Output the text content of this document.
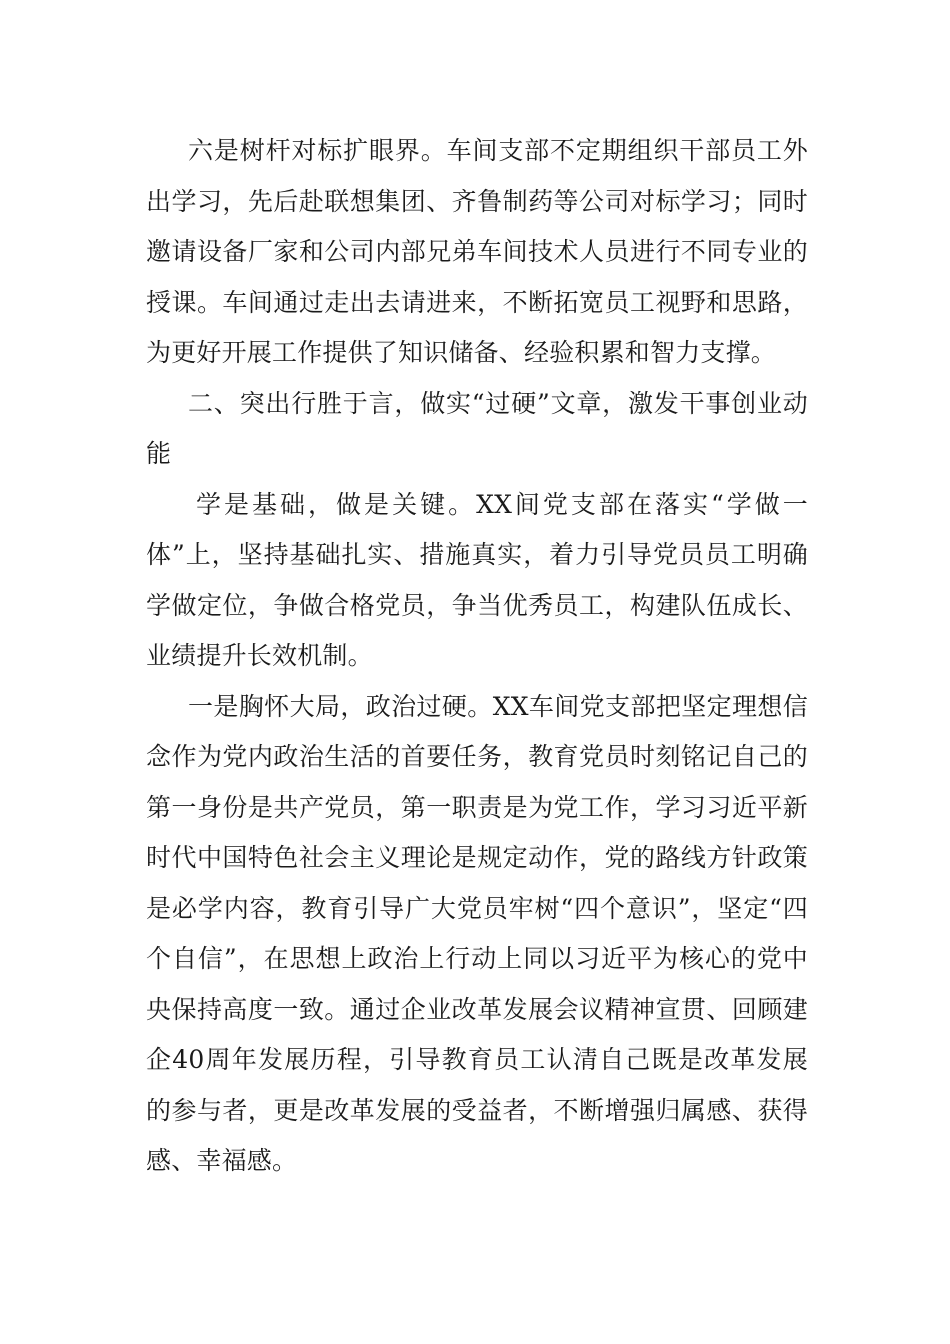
六是树杆对标扩眼界。车间支部不定期组织干部员工外出学习，先后赴联想集团、齐鲁制药等公司对标学习；同时邀请设备厂家和公司内部兄弟车间技术人员进行不同专业的授课。车间通过走出去请进来，不断拓宽员工视野和思路，为更好开展工作提供了知识储备、经验积累和智力支撑。

二、突出行胜于言，做实“过硬”文章，激发干事创业动能

学是基础，做是关键。XX间党支部在落实“学做一体”上，坚持基础扎实、措施真实，着力引导党员员工明确学做定位，争做合格党员，争当优秀员工，构建队伍成长、业绩提升长效机制。

一是胸怀大局，政治过硬。XX车间党支部把坚定理想信念作为党内政治生活的首要任务，教育党员时刻铭记自己的第一身份是共产党员，第一职责是为党工作，学习习近平新时代中国特色社会主义理论是规定动作，党的路线方针政策是必学内容，教育引导广大党员牢树“四个意识”，坚定“四个自信”，在思想上政治上行动上同以习近平为核心的党中央保持高度一致。通过企业改革发展会议精神宣贯、回顾建企40周年发展历程，引导教育员工认清自己既是改革发展的参与者，更是改革发展的受益者，不断增强归属感、获得感、幸福感。
